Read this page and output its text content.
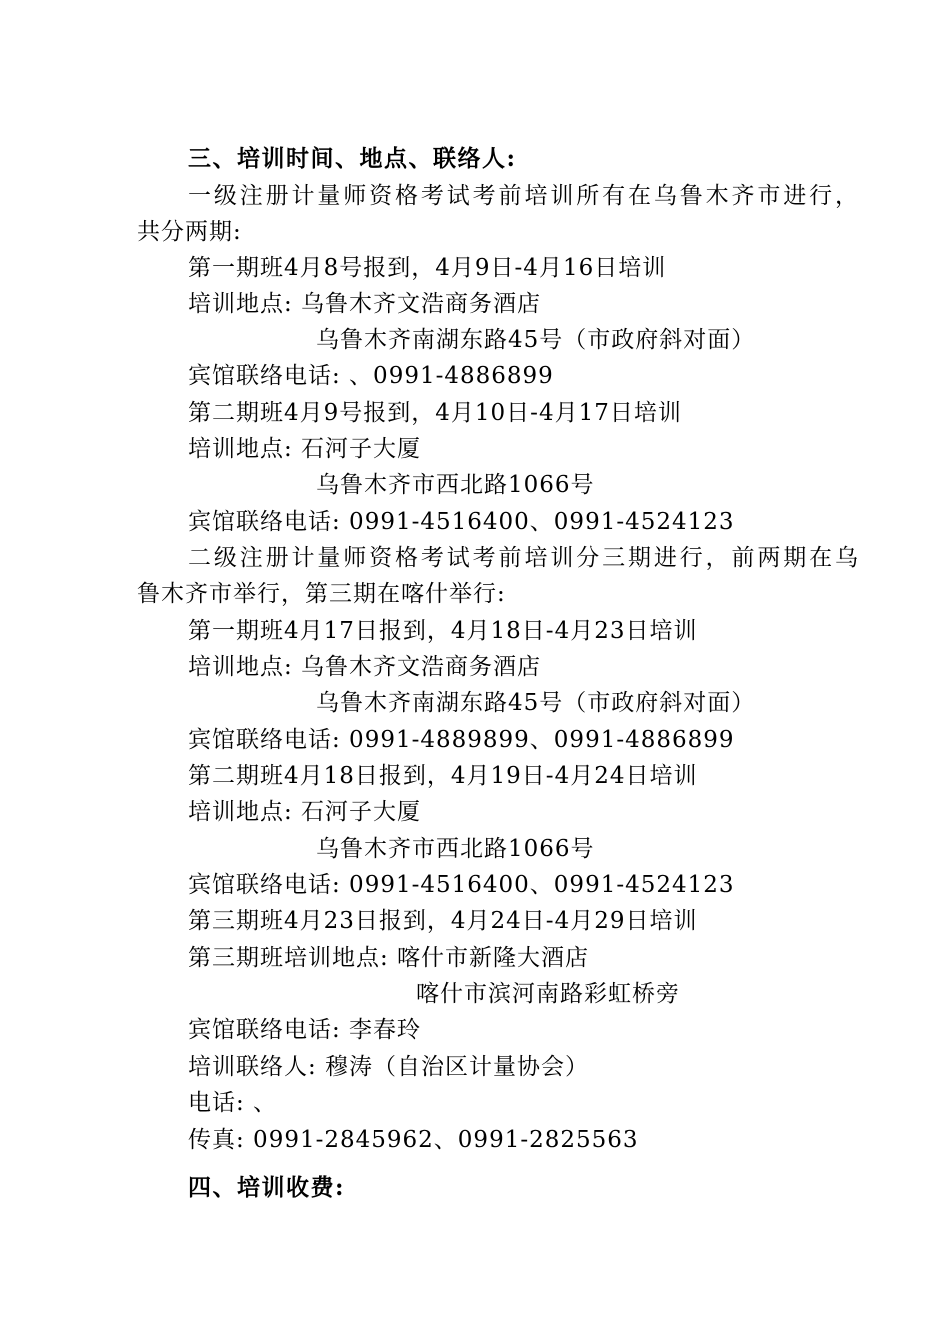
三、培训时间、地点、联络人:
一级注册计量师资格考试考前培训所有在乌鲁木齐市进行，
共分两期:
第一期班4月8号报到，4月9日-4月16日培训
培训地点: 乌鲁木齐文浩商务酒店
乌鲁木齐南湖东路45号（市政府斜对面）
宾馆联络电话: 、0991-4886899
第二期班4月9号报到，4月10日-4月17日培训
培训地点: 石河子大厦
乌鲁木齐市西北路1066号
宾馆联络电话: 0991-4516400、0991-4524123
二级注册计量师资格考试考前培训分三期进行，前两期在乌
鲁木齐市举行，第三期在喀什举行:
第一期班4月17日报到，4月18日-4月23日培训
培训地点: 乌鲁木齐文浩商务酒店
乌鲁木齐南湖东路45号（市政府斜对面）
宾馆联络电话: 0991-4889899、0991-4886899
第二期班4月18日报到，4月19日-4月24日培训
培训地点: 石河子大厦
乌鲁木齐市西北路1066号
宾馆联络电话: 0991-4516400、0991-4524123
第三期班4月23日报到，4月24日-4月29日培训
第三期班培训地点: 喀什市新隆大酒店
喀什市滨河南路彩虹桥旁
宾馆联络电话: 李春玲
培训联络人: 穆涛（自治区计量协会）
电话: 、
传真: 0991-2845962、0991-2825563
四、培训收费:
